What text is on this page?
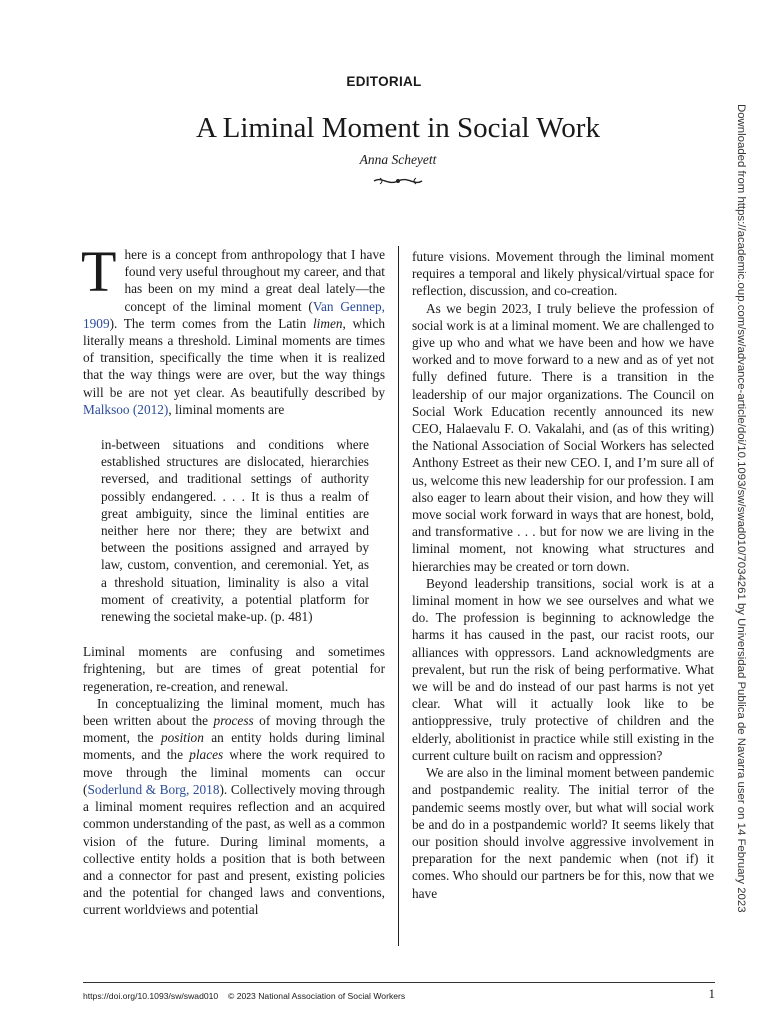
EDITORIAL
A Liminal Moment in Social Work
Anna Scheyett

There is a concept from anthropology that I have found very useful throughout my career, and that has been on my mind a great deal lately—the concept of the liminal moment (Van Gennep, 1909). The term comes from the Latin limen, which literally means a threshold. Liminal moments are times of transition, specifically the time when it is realized that the way things were are over, but the way things will be are not yet clear. As beautifully described by Malksoo (2012), liminal moments are

in-between situations and conditions where established structures are dislocated, hierarchies reversed, and traditional settings of authority possibly endangered. . . . It is thus a realm of great ambiguity, since the liminal entities are neither here nor there; they are betwixt and between the positions assigned and arrayed by law, custom, convention, and ceremonial. Yet, as a threshold situation, liminality is also a vital moment of creativity, a potential platform for renewing the societal make-up. (p. 481)

Liminal moments are confusing and sometimes frightening, but are times of great potential for regeneration, re-creation, and renewal.

In conceptualizing the liminal moment, much has been written about the process of moving through the moment, the position an entity holds during liminal moments, and the places where the work required to move through the liminal moments can occur (Soderlund & Borg, 2018). Collectively moving through a liminal moment requires reflection and an acquired common understanding of the past, as well as a common vision of the future. During liminal moments, a collective entity holds a position that is both between and a connector for past and present, existing policies and the potential for changed laws and conventions, current worldviews and potential

future visions. Movement through the liminal moment requires a temporal and likely physical/virtual space for reflection, discussion, and co-creation.

As we begin 2023, I truly believe the profession of social work is at a liminal moment. We are challenged to give up who and what we have been and how we have worked and to move forward to a new and as of yet not fully defined future. There is a transition in the leadership of our major organizations. The Council on Social Work Education recently announced its new CEO, Halaevalu F. O. Vakalahi, and (as of this writing) the National Association of Social Workers has selected Anthony Estreet as their new CEO. I, and I’m sure all of us, welcome this new leadership for our profession. I am also eager to learn about their vision, and how they will move social work forward in ways that are honest, bold, and transformative . . . but for now we are living in the liminal moment, not knowing what structures and hierarchies may be created or torn down.

Beyond leadership transitions, social work is at a liminal moment in how we see ourselves and what we do. The profession is beginning to acknowledge the harms it has caused in the past, our racist roots, our alliances with oppressors. Land acknowledgments are prevalent, but run the risk of being performative. What we will be and do instead of our past harms is not yet clear. What will it actually look like to be antioppressive, truly protective of children and the elderly, abolitionist in practice while still existing in the current culture built on racism and oppression?

We are also in the liminal moment between pandemic and postpandemic reality. The initial terror of the pandemic seems mostly over, but what will social work be and do in a postpandemic world? It seems likely that our position should involve aggressive involvement in preparation for the next pandemic when (not if) it comes. Who should our partners be for this, now that we have	Downloaded from https://academic.oup.com/sw/advance-article/doi/10.1093/sw/swad010/7034261 by Universidad Publica de Navarra user on 14 February 2023
https://doi.org/10.1093/sw/swad010 © 2023 National Association of Social Workers	1
